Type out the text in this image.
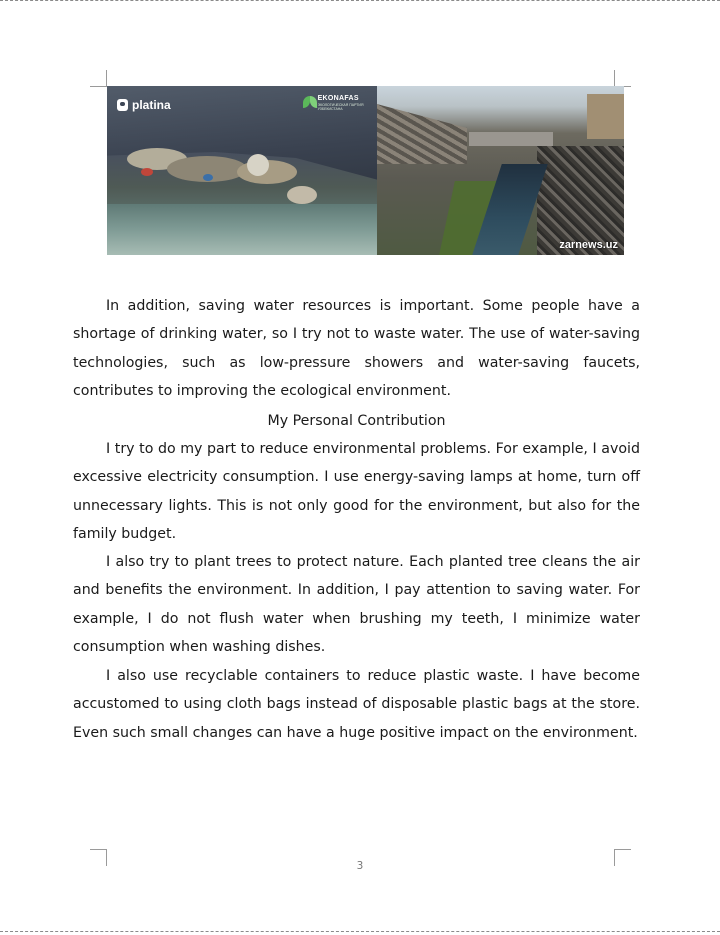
platina	EKONAFAS
ЭКОЛОГИЧЕСКАЯ ПАРТИЯ УЗБЕКИСТАНА
zarnews.uz

In addition, saving water resources is important. Some people have a shortage of drinking water, so I try not to waste water. The use of water-saving technologies, such as low-pressure showers and water-saving faucets, contributes to improving the ecological environment.

My Personal Contribution

I try to do my part to reduce environmental problems. For example, I avoid excessive electricity consumption. I use energy-saving lamps at home, turn off unnecessary lights. This is not only good for the environment, but also for the family budget.

I also try to plant trees to protect nature. Each planted tree cleans the air and benefits the environment. In addition, I pay attention to saving water. For example, I do not flush water when brushing my teeth, I minimize water consumption when washing dishes.

I also use recyclable containers to reduce plastic waste. I have become accustomed to using cloth bags instead of disposable plastic bags at the store. Even such small changes can have a huge positive impact on the environment.

3
